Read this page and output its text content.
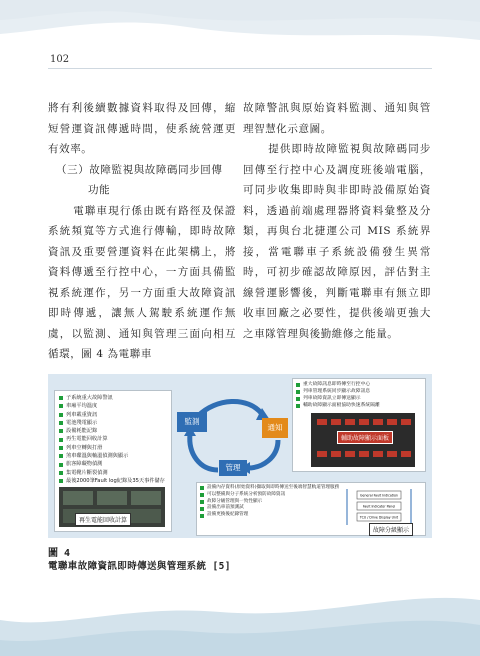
102

將有利後續數據資料取得及回傳，縮短營運資訊傳遞時間，使系統營運更有效率。

（三）故障監視與故障碼同步回傳

功能

電聯車現行係由既有路徑及保證系統頻寬等方式進行傳輸，即時故障資訊及重要營運資料在此架構上，將資料傳遞至行控中心，一方面具備監視系統運作，另一方面重大故障資訊即時傳遞，讓無人駕駛系統運作無虞，以監測、通知與管理三面向相互循環，圖 4 為電聯車

故障警訊與原始資料監測、通知與管理智慧化示意圖。

提供即時故障監視與故障碼同步回傳至行控中心及調度班後端電腦，可同步收集即時與非即時設備原始資料，透過前端處理器將資料彙整及分類，再與台北捷運公司 MIS 系統界接，當電聯車子系統設備發生異常時，可初步確認故障原因，評估對主線營運影響後，判斷電聯車有無立即收車回廠之必要性，提供後端更強大之車隊管理與後勤維修之能量。

子系統重大故障警訊
車廂平均溫度
列車載重資訊
電池殘電顯示
設備耗能記錄
再生電能回收計算
列車空轉與打滑
煞車碟溫與軸溫偵測與顯示
旅客障礙物偵測
集電靴片斷裂偵測
最後2000筆Fault log紀錄及35天事件儲存
再生電能回收計算
監測
通知
管理
重大故障訊息即時傳至行控中心
列車管理系統同步顯示故障訊息
列車故障資訊立即傳送顯示
輔助故障顯示面板協助快速系統隔離
輔助故障顯示面板
設備內存資料(原始資料)擷取與即時傳送至後端智慧軌道管理服務
可以整備與分子系統分析預防故障資訊
故障分級管理與一致性顯示
設備出車前預測試
設備更換後紀錄管理
General Fault Indication
Fault Indicator Panel
TCU / Drive Display Unit
故障分級顯示
圖 4
電聯車故障資訊即時傳送與管理系統 [5]
